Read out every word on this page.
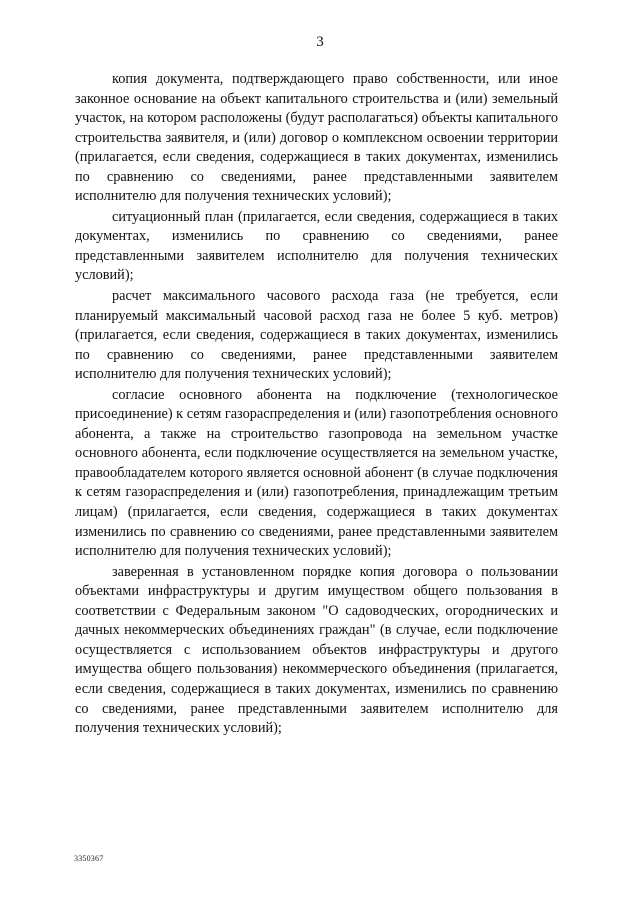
3

копия документа, подтверждающего право собственности, или иное законное основание на объект капитального строительства и (или) земельный участок, на котором расположены (будут располагаться) объекты капитального строительства заявителя, и (или) договор о комплексном освоении территории (прилагается, если сведения, содержащиеся в таких документах, изменились по сравнению со сведениями, ранее представленными заявителем исполнителю для получения технических условий);

ситуационный план (прилагается, если сведения, содержащиеся в таких документах, изменились по сравнению со сведениями, ранее представленными заявителем исполнителю для получения технических условий);

расчет максимального часового расхода газа (не требуется, если планируемый максимальный часовой расход газа не более 5 куб. метров) (прилагается, если сведения, содержащиеся в таких документах, изменились по сравнению со сведениями, ранее представленными заявителем исполнителю для получения технических условий);

согласие основного абонента на подключение (технологическое присоединение) к сетям газораспределения и (или) газопотребления основного абонента, а также на строительство газопровода на земельном участке основного абонента, если подключение осуществляется на земельном участке, правообладателем которого является основной абонент (в случае подключения к сетям газораспределения и (или) газопотребления, принадлежащим третьим лицам) (прилагается, если сведения, содержащиеся в таких документах изменились по сравнению со сведениями, ранее представленными заявителем исполнителю для получения технических условий);

заверенная в установленном порядке копия договора о пользовании объектами инфраструктуры и другим имуществом общего пользования в соответствии с Федеральным законом "О садоводческих, огороднических и дачных некоммерческих объединениях граждан" (в случае, если подключение осуществляется с использованием объектов инфраструктуры и другого имущества общего пользования) некоммерческого объединения (прилагается, если сведения, содержащиеся в таких документах, изменились по сравнению со сведениями, ранее представленными заявителем исполнителю для получения технических условий);

3350367
